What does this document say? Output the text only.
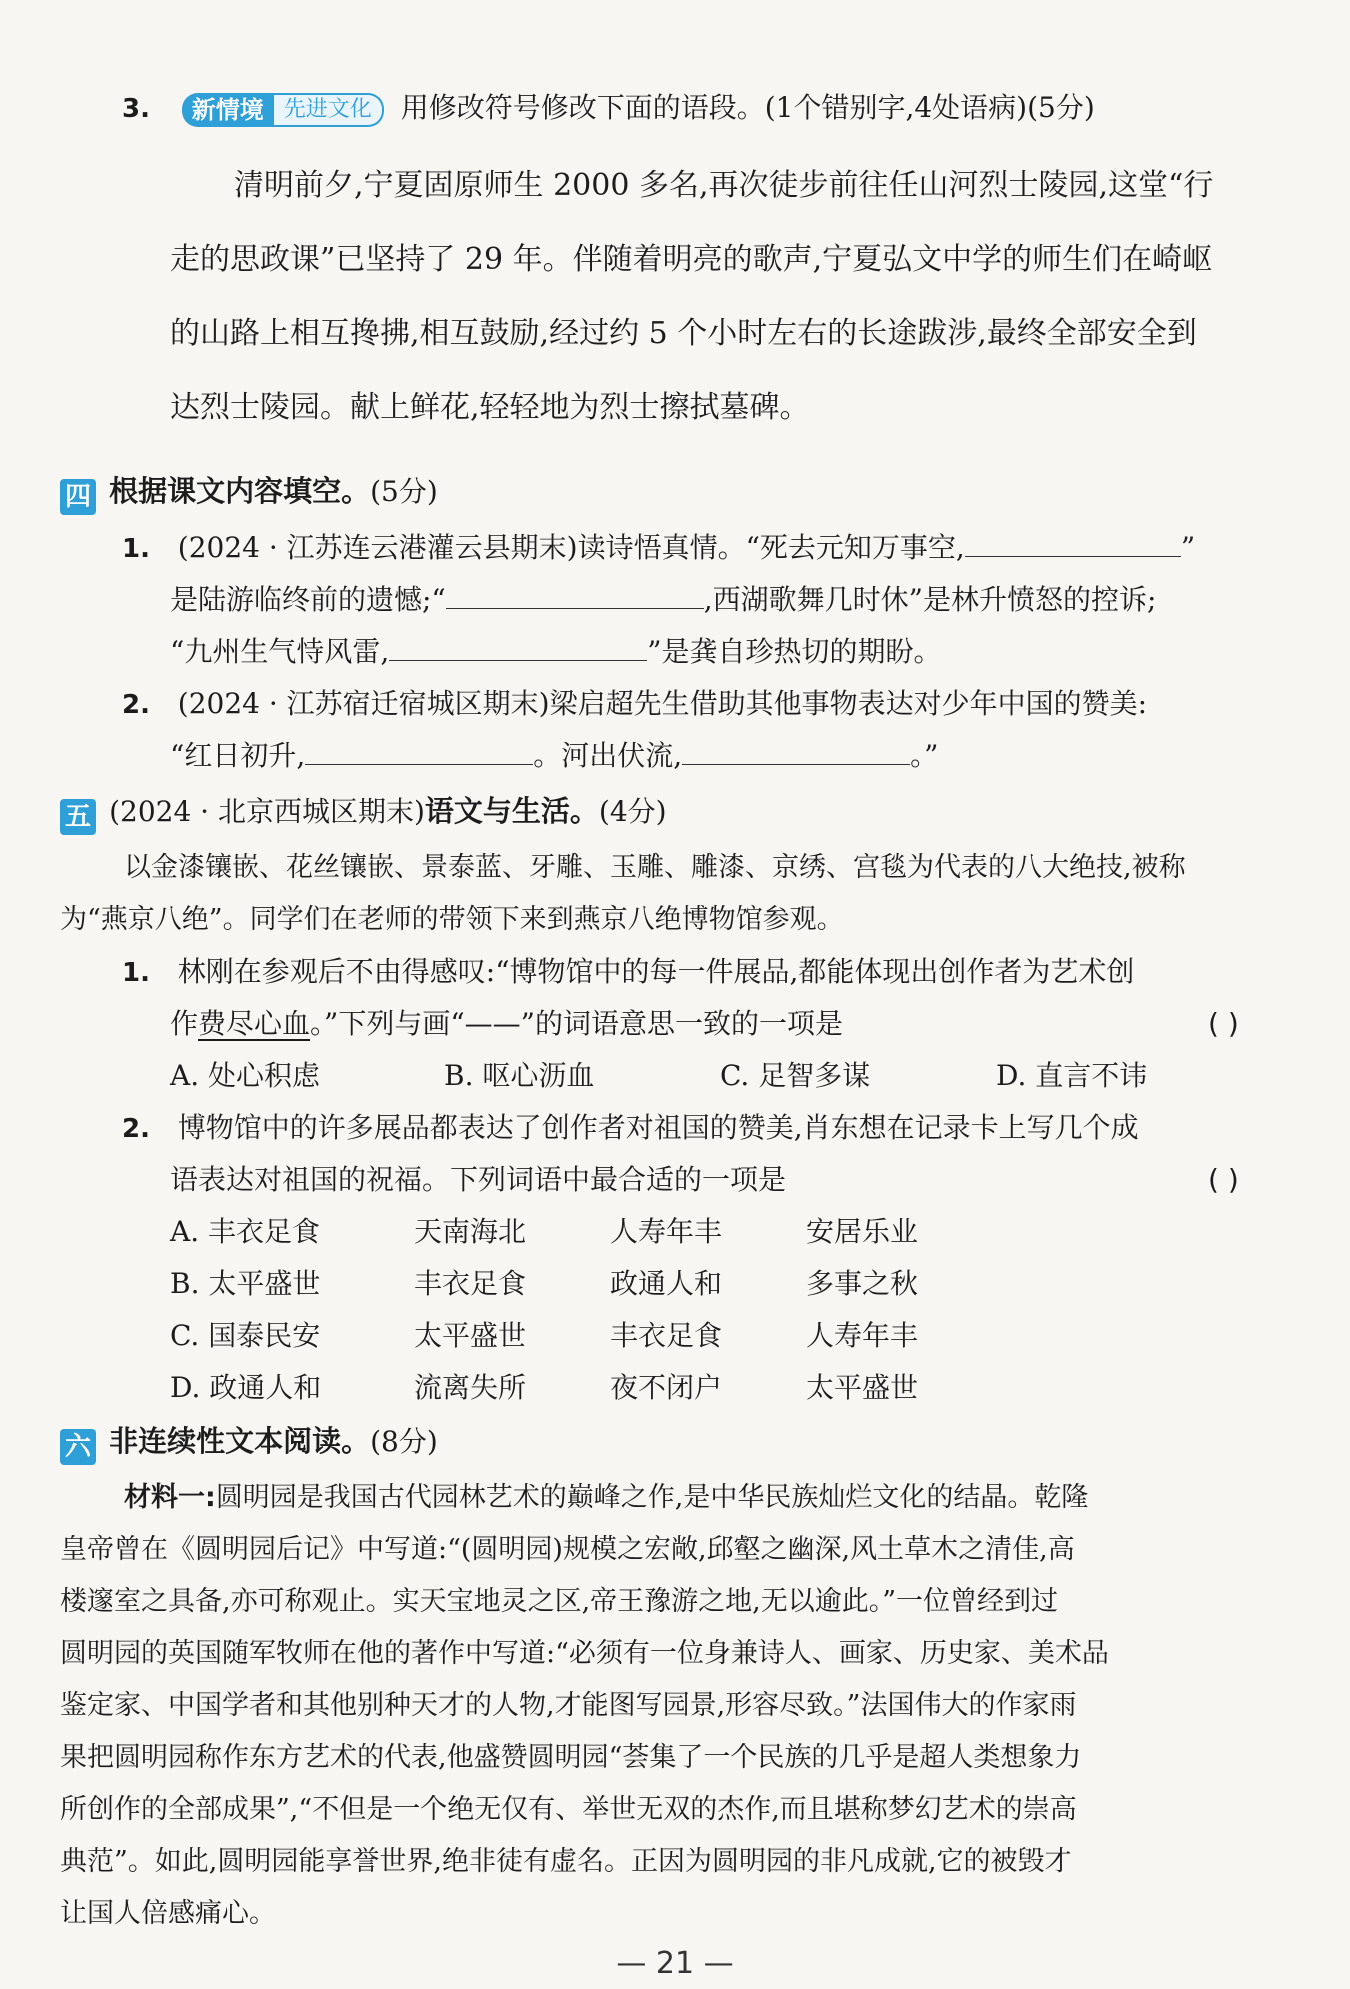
3.	新情境 先进文化	用修改符号修改下面的语段。(1个错别字,4处语病)(5分)
清明前夕,宁夏固原师生 2000 多名,再次徒步前往任山河烈士陵园,这堂“行
走的思政课”已坚持了 29 年。伴随着明亮的歌声,宁夏弘文中学的师生们在崎岖
的山路上相互搀拂,相互鼓励,经过约 5 个小时左右的长途跋涉,最终全部安全到
达烈士陵园。献上鲜花,轻轻地为烈士擦拭墓碑。
四 根据课文内容填空。(5分)
1. (2024 · 江苏连云港灌云县期末)读诗悟真情。“死去元知万事空,	”
是陆游临终前的遗憾;“	,西湖歌舞几时休”是林升愤怒的控诉;
“九州生气恃风雷,	”是龚自珍热切的期盼。
2. (2024 · 江苏宿迁宿城区期末)梁启超先生借助其他事物表达对少年中国的赞美:
“红日初升,	。河出伏流,	。”
五 (2024 · 北京西城区期末)语文与生活。(4分)
以金漆镶嵌、花丝镶嵌、景泰蓝、牙雕、玉雕、雕漆、京绣、宫毯为代表的八大绝技,被称
为“燕京八绝”。同学们在老师的带领下来到燕京八绝博物馆参观。
1. 林刚在参观后不由得感叹:“博物馆中的每一件展品,都能体现出创作者为艺术创
作费尽心血。”下列与画“——”的词语意思一致的一项是	( )
A. 处心积虑	B. 呕心沥血	C. 足智多谋	D. 直言不讳
2. 博物馆中的许多展品都表达了创作者对祖国的赞美,肖东想在记录卡上写几个成
语表达对祖国的祝福。下列词语中最合适的一项是	( )
A. 丰衣足食	天南海北	人寿年丰	安居乐业
B. 太平盛世	丰衣足食	政通人和	多事之秋
C. 国泰民安	太平盛世	丰衣足食	人寿年丰
D. 政通人和	流离失所	夜不闭户	太平盛世
六 非连续性文本阅读。(8分)
材料一:圆明园是我国古代园林艺术的巅峰之作,是中华民族灿烂文化的结晶。乾隆
皇帝曾在《圆明园后记》中写道:“(圆明园)规模之宏敞,邱壑之幽深,风土草木之清佳,高
楼邃室之具备,亦可称观止。实天宝地灵之区,帝王豫游之地,无以逾此。”一位曾经到过
圆明园的英国随军牧师在他的著作中写道:“必须有一位身兼诗人、画家、历史家、美术品
鉴定家、中国学者和其他别种天才的人物,才能图写园景,形容尽致。”法国伟大的作家雨
果把圆明园称作东方艺术的代表,他盛赞圆明园“荟集了一个民族的几乎是超人类想象力
所创作的全部成果”,“不但是一个绝无仅有、举世无双的杰作,而且堪称梦幻艺术的崇高
典范”。如此,圆明园能享誉世界,绝非徒有虚名。正因为圆明园的非凡成就,它的被毁才
让国人倍感痛心。
— 21 —
